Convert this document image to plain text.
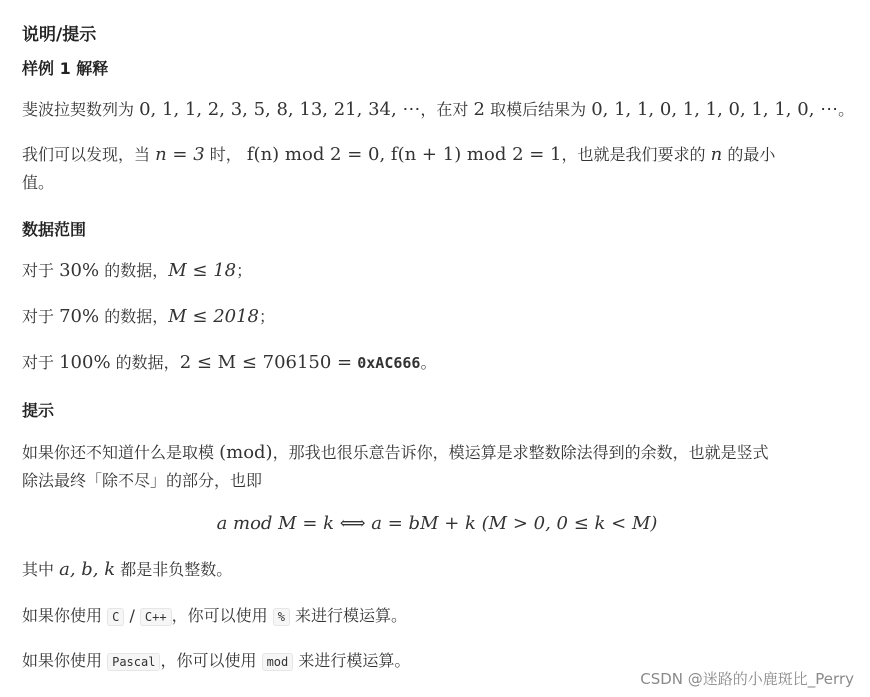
说明/提示
样例 1 解释
斐波拉契数列为 0, 1, 1, 2, 3, 5, 8, 13, 21, 34, ⋯，在对 2 取模后结果为 0, 1, 1, 0, 1, 1, 0, 1, 1, 0, ⋯。
我们可以发现，当 n = 3 时， f(n) mod 2 = 0, f(n + 1) mod 2 = 1，也就是我们要求的 n 的最小
值。
数据范围
对于 30% 的数据，M ≤ 18；
对于 70% 的数据，M ≤ 2018；
对于 100% 的数据，2 ≤ M ≤ 706150 = 0xAC666。
提示
如果你还不知道什么是取模 (mod)，那我也很乐意告诉你，模运算是求整数除法得到的余数，也就是竖式
除法最终「除不尽」的部分，也即
a mod M = k ⟺ a = bM + k (M > 0, 0 ≤ k < M)
其中 a, b, k 都是非负整数。
如果你使用 C / C++ ，你可以使用 % 来进行模运算。
如果你使用 Pascal ，你可以使用 mod 来进行模运算。
CSDN @迷路的小鹿斑比_Perry
